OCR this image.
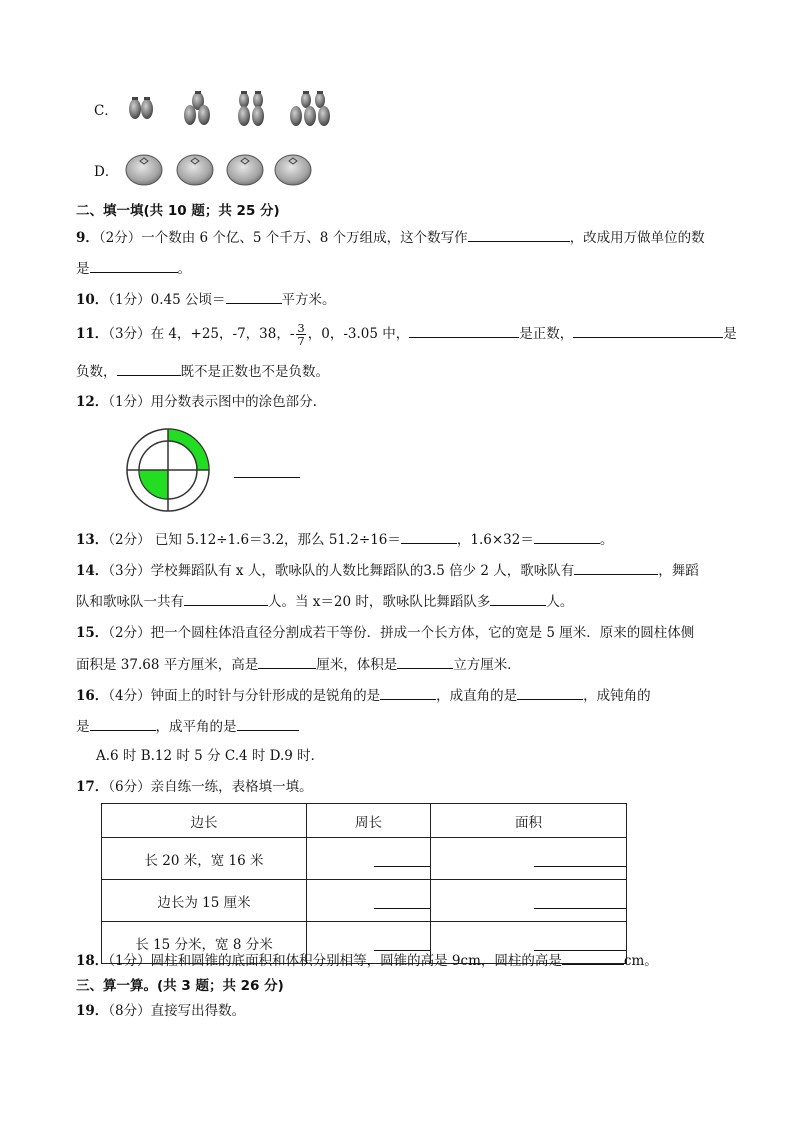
C．
D．
二、填一填(共 10 题；共 25 分)
9．（2分）一个数由 6 个亿、5 个千万、8 个万组成，这个数写作	，改成用万做单位的数
是	。
10．（1分）0.45 公顷＝	平方米。
11．（3分）在 4，+25，-7，38，- $\frac{3}{7}$ ，0，-3.05 中，	是正数，	是
负数，	既不是正数也不是负数。
12．（1分）用分数表示图中的涂色部分.
13．（2分） 已知 5.12÷1.6＝3.2，那么 51.2÷16＝	，1.6×32＝	。
14．（3分）学校舞蹈队有 x 人，歌咏队的人数比舞蹈队的3.5 倍少 2 人，歌咏队有	，舞蹈
队和歌咏队一共有	人。当 x＝20 时，歌咏队比舞蹈队多	人。
15．（2分）把一个圆柱体沿直径分割成若干等份．拼成一个长方体，它的宽是 5 厘米．原来的圆柱体侧
面积是 37.68 平方厘米，高是	厘米，体积是	立方厘米．
16．（4分）钟面上的时针与分针形成的是锐角的是	，成直角的是	，成钝角的
是	，成平角的是
A.6 时 B.12 时 5 分 C.4 时 D.9 时．
17．（6分）亲自练一练，表格填一填。
边长	周长	面积
长 20 米，宽 16 米		
边长为 15 厘米		
长 15 分米，宽 8 分米		
18．（1分）圆柱和圆锥的底面积和体积分别相等，圆锥的高是 9cm，圆柱的高是	cm。
三、算一算。(共 3 题；共 26 分)
19．（8分）直接写出得数。
